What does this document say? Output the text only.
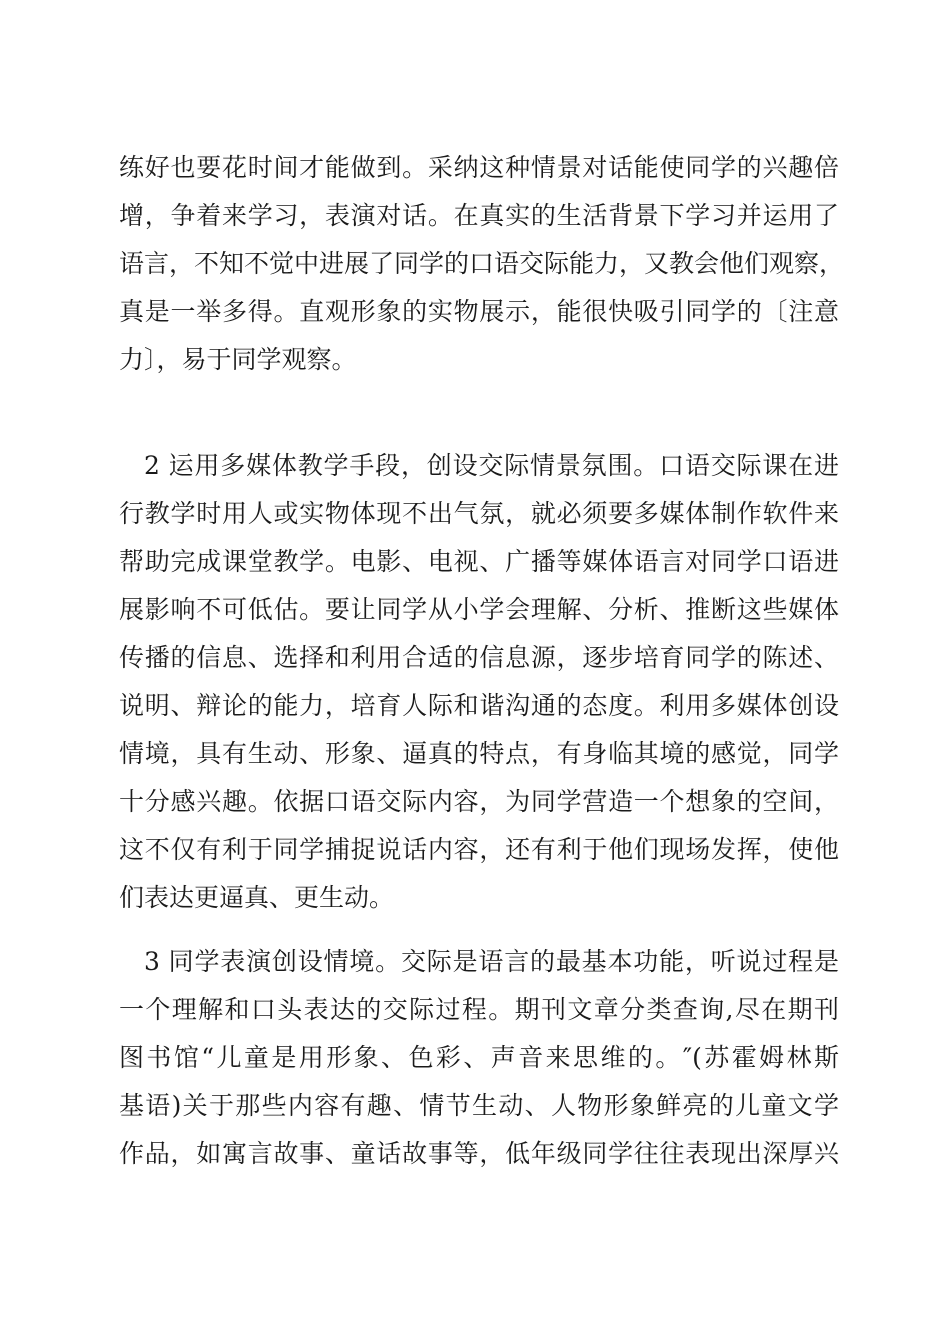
练好也要花时间才能做到。采纳这种情景对话能使同学的兴趣倍
增，争着来学习，表演对话。在真实的生活背景下学习并运用了
语言，不知不觉中进展了同学的口语交际能力，又教会他们观察，
真是一举多得。直观形象的实物展示，能很快吸引同学的〔注意
力〕，易于同学观察。
2 运用多媒体教学手段，创设交际情景氛围。口语交际课在进
行教学时用人或实物体现不出气氛，就必须要多媒体制作软件来
帮助完成课堂教学。电影、电视、广播等媒体语言对同学口语进
展影响不可低估。要让同学从小学会理解、分析、推断这些媒体
传播的信息、选择和利用合适的信息源，逐步培育同学的陈述、
说明、辩论的能力，培育人际和谐沟通的态度。利用多媒体创设
情境，具有生动、形象、逼真的特点，有身临其境的感觉，同学
十分感兴趣。依据口语交际内容，为同学营造一个想象的空间，
这不仅有利于同学捕捉说话内容，还有利于他们现场发挥，使他
们表达更逼真、更生动。
3 同学表演创设情境。交际是语言的最基本功能，听说过程是
一个理解和口头表达的交际过程。期刊文章分类查询,尽在期刊
图书馆“儿童是用形象、色彩、声音来思维的。″(苏霍姆林斯
基语)关于那些内容有趣、情节生动、人物形象鲜亮的儿童文学
作品，如寓言故事、童话故事等，低年级同学往往表现出深厚兴
